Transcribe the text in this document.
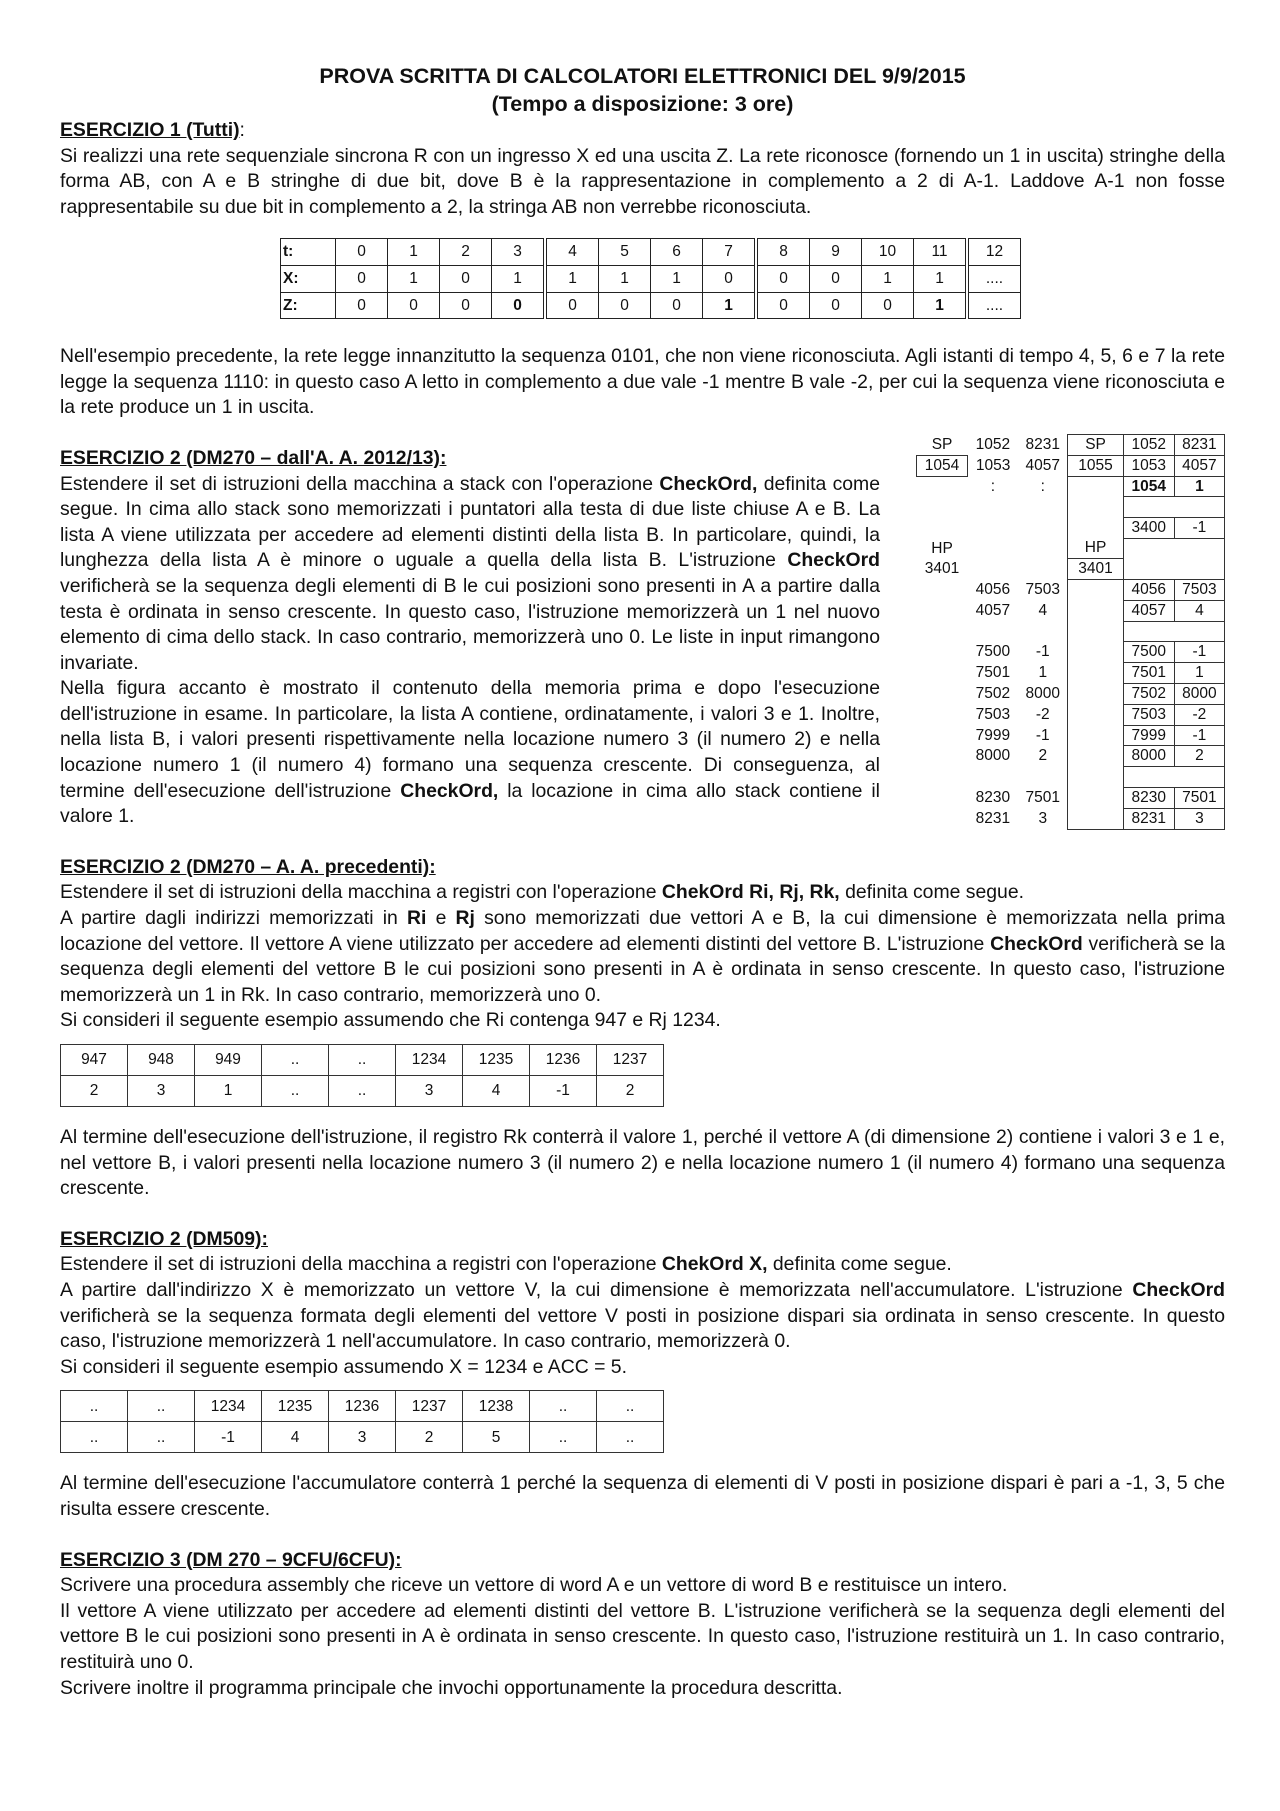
PROVA SCRITTA DI CALCOLATORI ELETTRONICI DEL 9/9/2015
(Tempo a disposizione: 3 ore)
ESERCIZIO 1 (Tutti):

Si realizzi una rete sequenziale sincrona R con un ingresso X ed una uscita Z. La rete riconosce (fornendo un 1 in uscita) stringhe della forma AB, con A e B stringhe di due bit, dove B è la rappresentazione in complemento a 2 di A-1. Laddove A-1 non fosse rappresentabile su due bit in complemento a 2, la stringa AB non verrebbe riconosciuta.

t:	0	1	2	3	4	5	6	7	8	9	10	11	12
X:	0	1	0	1	1	1	1	0	0	0	1	1	....
Z:	0	0	0	0	0	0	0	1	0	0	0	1	....

Nell'esempio precedente, la rete legge innanzitutto la sequenza 0101, che non viene riconosciuta. Agli istanti di tempo 4, 5, 6 e 7 la rete legge la sequenza 1110: in questo caso A letto in complemento a due vale -1 mentre B vale -2, per cui la sequenza viene riconosciuta e la rete produce un 1 in uscita.

ESERCIZIO 2 (DM270 – dall'A. A. 2012/13):

Estendere il set di istruzioni della macchina a stack con l'operazione CheckOrd, definita come segue. In cima allo stack sono memorizzati i puntatori alla testa di due liste chiuse A e B. La lista A viene utilizzata per accedere ad elementi distinti della lista B. In particolare, quindi, la lunghezza della lista A è minore o uguale a quella della lista B. L'istruzione CheckOrd verificherà se la sequenza degli elementi di B le cui posizioni sono presenti in A a partire dalla testa è ordinata in senso crescente. In questo caso, l'istruzione memorizzerà un 1 nel nuovo elemento di cima dello stack. In caso contrario, memorizzerà uno 0. Le liste in input rimangono invariate.

Nella figura accanto è mostrato il contenuto della memoria prima e dopo l'esecuzione dell'istruzione in esame. In particolare, la lista A contiene, ordinatamente, i valori 3 e 1. Inoltre, nella lista B, i valori presenti rispettivamente nella locazione numero 3 (il numero 2) e nella locazione numero 1 (il numero 4) formano una sequenza crescente. Di conseguenza, al termine dell'esecuzione dell'istruzione CheckOrd, la locazione in cima allo stack contiene il valore 1.

SP	1052	8231	SP	1052	8231
1054	1053	4057	1055	1053	4057
	:	:		1054	1

				3400	-1
HP			HP		
3401			3401		
	4056	7503		4056	7503
	4057	4		4057	4

	7500	-1		7500	-1
	7501	1		7501	1
	7502	8000		7502	8000
	7503	-2		7503	-2
	7999	-1		7999	-1
	8000	2		8000	2

	8230	7501		8230	7501
	8231	3		8231	3
ESERCIZIO 2 (DM270 – A. A. precedenti):
Estendere il set di istruzioni della macchina a registri con l'operazione ChekOrd Ri, Rj, Rk, definita come segue.

A partire dagli indirizzi memorizzati in Ri e Rj sono memorizzati due vettori A e B, la cui dimensione è memorizzata nella prima locazione del vettore. Il vettore A viene utilizzato per accedere ad elementi distinti del vettore B. L'istruzione CheckOrd verificherà se la sequenza degli elementi del vettore B le cui posizioni sono presenti in A è ordinata in senso crescente. In questo caso, l'istruzione memorizzerà un 1 in Rk. In caso contrario, memorizzerà uno 0.

Si consideri il seguente esempio assumendo che Ri contenga 947 e Rj 1234.
947	948	949	..	..	1234	1235	1236	1237
2	3	1	..	..	3	4	-1	2

Al termine dell'esecuzione dell'istruzione, il registro Rk conterrà il valore 1, perché il vettore A (di dimensione 2) contiene i valori 3 e 1 e, nel vettore B, i valori presenti nella locazione numero 3 (il numero 2) e nella locazione numero 1 (il numero 4) formano una sequenza crescente.

ESERCIZIO 2 (DM509):
Estendere il set di istruzioni della macchina a registri con l'operazione ChekOrd X, definita come segue.

A partire dall'indirizzo X è memorizzato un vettore V, la cui dimensione è memorizzata nell'accumulatore. L'istruzione CheckOrd verificherà se la sequenza formata degli elementi del vettore V posti in posizione dispari sia ordinata in senso crescente. In questo caso, l'istruzione memorizzerà 1 nell'accumulatore. In caso contrario, memorizzerà 0.

Si consideri il seguente esempio assumendo X = 1234 e ACC = 5.
..	..	1234	1235	1236	1237	1238	..	..
..	..	-1	4	3	2	5	..	..

Al termine dell'esecuzione l'accumulatore conterrà 1 perché la sequenza di elementi di V posti in posizione dispari è pari a -1, 3, 5 che risulta essere crescente.

ESERCIZIO 3 (DM 270 – 9CFU/6CFU):
Scrivere una procedura assembly che riceve un vettore di word A e un vettore di word B e restituisce un intero.

Il vettore A viene utilizzato per accedere ad elementi distinti del vettore B. L'istruzione verificherà se la sequenza degli elementi del vettore B le cui posizioni sono presenti in A è ordinata in senso crescente. In questo caso, l'istruzione restituirà un 1. In caso contrario, restituirà uno 0.

Scrivere inoltre il programma principale che invochi opportunamente la procedura descritta.
